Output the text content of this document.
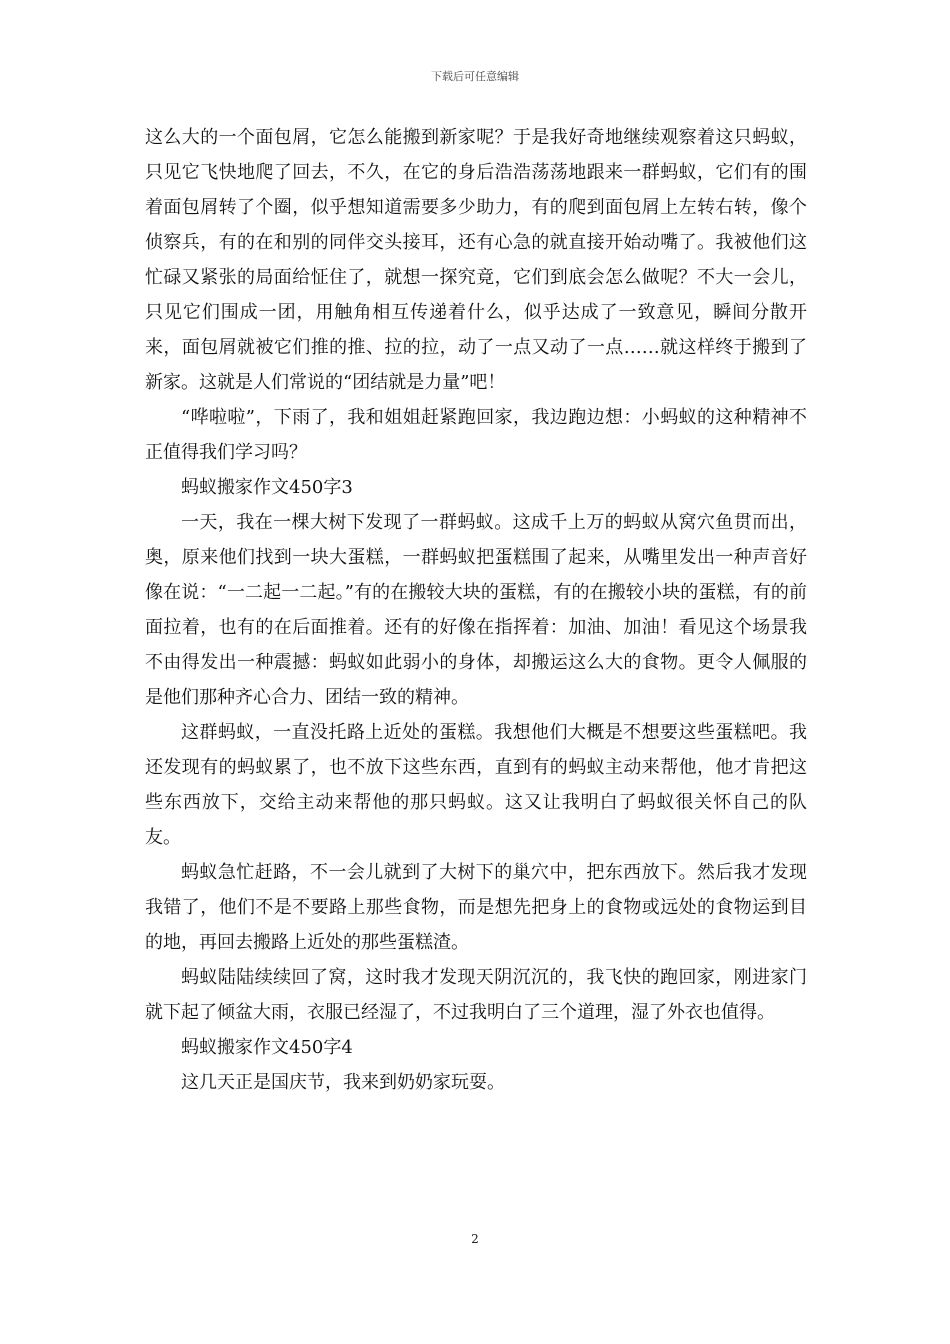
下载后可任意编辑

这么大的一个面包屑，它怎么能搬到新家呢？于是我好奇地继续观察着这只蚂蚁，只见它飞快地爬了回去，不久，在它的身后浩浩荡荡地跟来一群蚂蚁，它们有的围着面包屑转了个圈，似乎想知道需要多少助力，有的爬到面包屑上左转右转，像个侦察兵，有的在和别的同伴交头接耳，还有心急的就直接开始动嘴了。我被他们这忙碌又紧张的局面给怔住了，就想一探究竟，它们到底会怎么做呢？不大一会儿，只见它们围成一团，用触角相互传递着什么，似乎达成了一致意见，瞬间分散开来，面包屑就被它们推的推、拉的拉，动了一点又动了一点……就这样终于搬到了新家。这就是人们常说的“团结就是力量”吧！

“哗啦啦”，下雨了，我和姐姐赶紧跑回家，我边跑边想：小蚂蚁的这种精神不正值得我们学习吗？

蚂蚁搬家作文450字3

一天，我在一棵大树下发现了一群蚂蚁。这成千上万的蚂蚁从窝穴鱼贯而出，奥，原来他们找到一块大蛋糕，一群蚂蚁把蛋糕围了起来，从嘴里发出一种声音好像在说：“一二起一二起。”有的在搬较大块的蛋糕，有的在搬较小块的蛋糕，有的前面拉着，也有的在后面推着。还有的好像在指挥着：加油、加油！看见这个场景我不由得发出一种震撼：蚂蚁如此弱小的身体，却搬运这么大的食物。更令人佩服的是他们那种齐心合力、团结一致的精神。

这群蚂蚁，一直没托路上近处的蛋糕。我想他们大概是不想要这些蛋糕吧。我还发现有的蚂蚁累了，也不放下这些东西，直到有的蚂蚁主动来帮他，他才肯把这些东西放下，交给主动来帮他的那只蚂蚁。这又让我明白了蚂蚁很关怀自己的队友。

蚂蚁急忙赶路，不一会儿就到了大树下的巢穴中，把东西放下。然后我才发现我错了，他们不是不要路上那些食物，而是想先把身上的食物或远处的食物运到目的地，再回去搬路上近处的那些蛋糕渣。

蚂蚁陆陆续续回了窝，这时我才发现天阴沉沉的，我飞快的跑回家，刚进家门就下起了倾盆大雨，衣服已经湿了，不过我明白了三个道理，湿了外衣也值得。

蚂蚁搬家作文450字4

这几天正是国庆节，我来到奶奶家玩耍。

2
